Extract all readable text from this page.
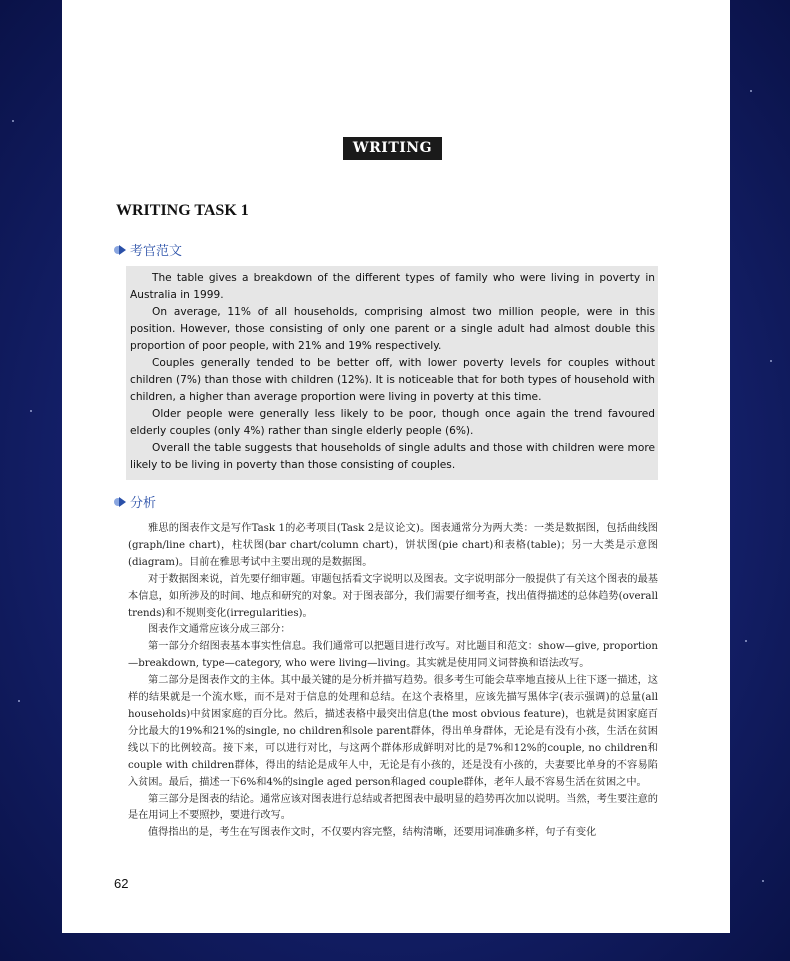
WRITING
WRITING TASK 1
考官范文

The table gives a breakdown of the different types of family who were living in poverty in Australia in 1999.

On average, 11% of all households, comprising almost two million people, were in this position. However, those consisting of only one parent or a single adult had almost double this proportion of poor people, with 21% and 19% respectively.

Couples generally tended to be better off, with lower poverty levels for couples without children (7%) than those with children (12%). It is noticeable that for both types of household with children, a higher than average proportion were living in poverty at this time.

Older people were generally less likely to be poor, though once again the trend favoured elderly couples (only 4%) rather than single elderly people (6%).

Overall the table suggests that households of single adults and those with children were more likely to be living in poverty than those consisting of couples.

分析

雅思的图表作文是写作Task 1的必考项目(Task 2是议论文)。图表通常分为两大类：一类是数据图，包括曲线图(graph/line chart)，柱状图(bar chart/column chart)，饼状图(pie chart)和表格(table)；另一大类是示意图(diagram)。目前在雅思考试中主要出现的是数据图。

对于数据图来说，首先要仔细审题。审题包括看文字说明以及图表。文字说明部分一般提供了有关这个图表的最基本信息，如所涉及的时间、地点和研究的对象。对于图表部分，我们需要仔细考查，找出值得描述的总体趋势(overall trends)和不规则变化(irregularities)。

图表作文通常应该分成三部分：

第一部分介绍图表基本事实性信息。我们通常可以把题目进行改写。对比题目和范文：show—give, proportion—breakdown, type—category, who were living—living。其实就是使用同义词替换和语法改写。

第二部分是图表作文的主体。其中最关键的是分析并描写趋势。很多考生可能会草率地直接从上往下逐一描述，这样的结果就是一个流水账，而不是对于信息的处理和总结。在这个表格里，应该先描写黑体字(表示强调)的总量(all households)中贫困家庭的百分比。然后，描述表格中最突出信息(the most obvious feature)，也就是贫困家庭百分比最大的19%和21%的single, no children和sole parent群体，得出单身群体，无论是有没有小孩，生活在贫困线以下的比例较高。接下来，可以进行对比，与这两个群体形成鲜明对比的是7%和12%的couple, no children和couple with children群体，得出的结论是成年人中，无论是有小孩的，还是没有小孩的，夫妻要比单身的不容易陷入贫困。最后，描述一下6%和4%的single aged person和aged couple群体，老年人最不容易生活在贫困之中。

第三部分是图表的结论。通常应该对图表进行总结或者把图表中最明显的趋势再次加以说明。当然，考生要注意的是在用词上不要照抄，要进行改写。

值得指出的是，考生在写图表作文时，不仅要内容完整，结构清晰，还要用词准确多样，句子有变化

62
